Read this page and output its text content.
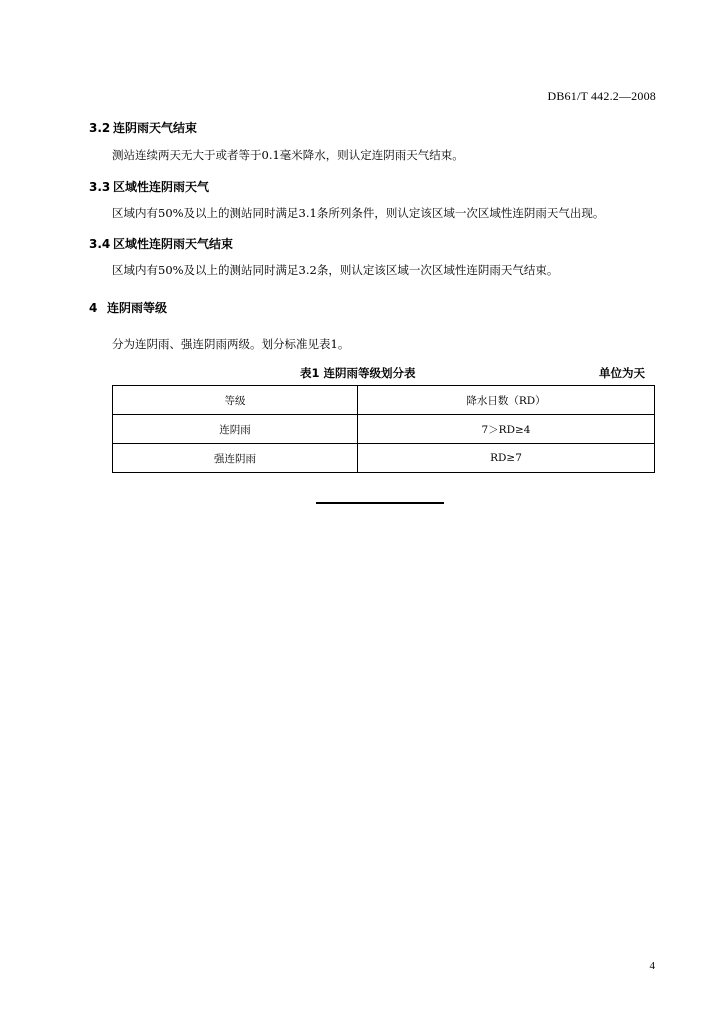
DB61/T 442.2—2008
3.2 连阴雨天气结束
测站连续两天无大于或者等于0.1毫米降水，则认定连阴雨天气结束。
3.3 区域性连阴雨天气
区域内有50%及以上的测站同时满足3.1条所列条件，则认定该区域一次区域性连阴雨天气出现。
3.4 区域性连阴雨天气结束
区域内有50%及以上的测站同时满足3.2条，则认定该区域一次区域性连阴雨天气结束。
4 连阴雨等级
分为连阴雨、强连阴雨两级。划分标准见表1。
表1 连阴雨等级划分表	单位为天
等级	降水日数（RD）
连阴雨	7＞RD≥4
强连阴雨	RD≥7
4
